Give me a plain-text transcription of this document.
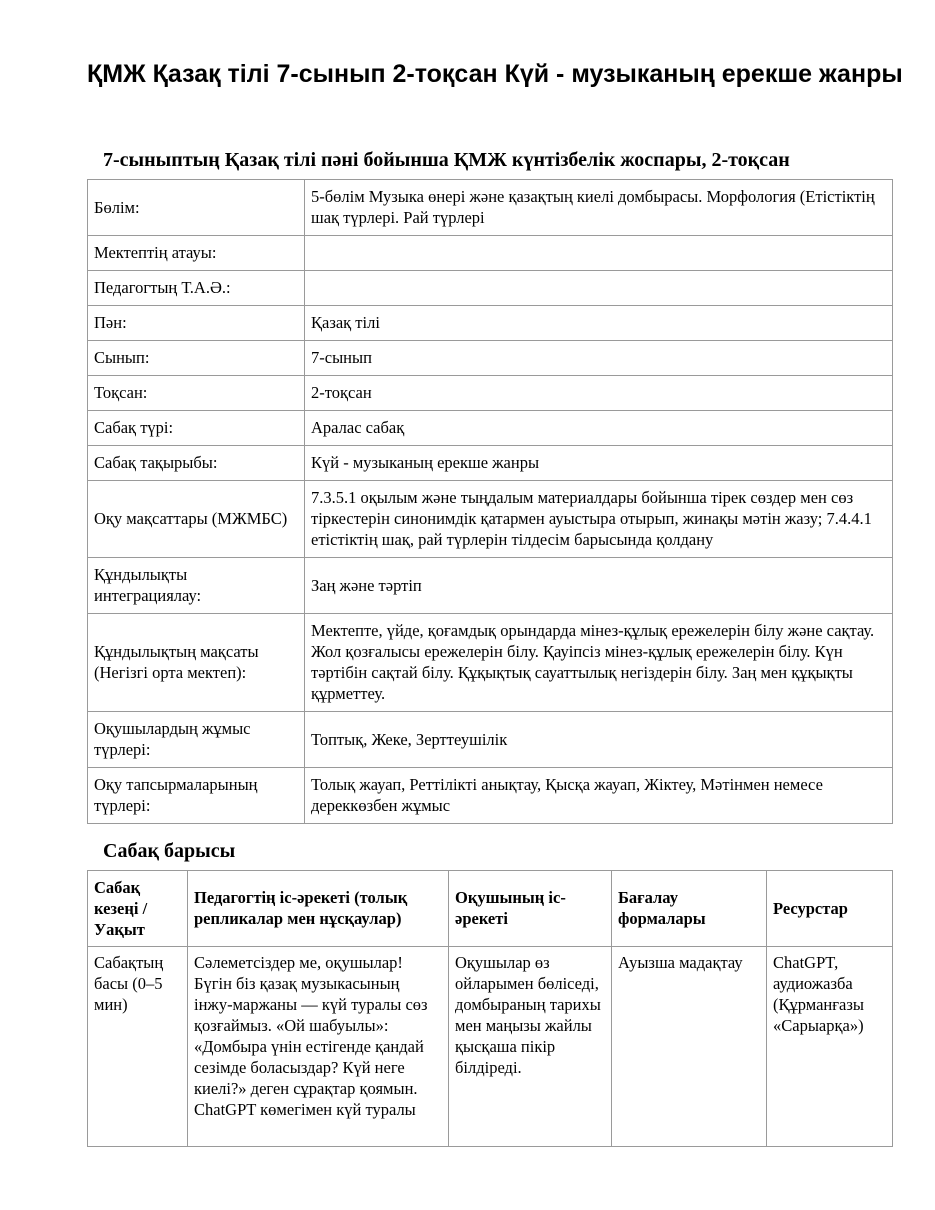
ҚМЖ Қазақ тілі 7-сынып 2-тоқсан Күй - музыканың ерекше жанры
7-сыныптың Қазақ тілі пәні бойынша ҚМЖ күнтізбелік жоспары, 2-тоқсан
Бөлім:	5-бөлім Музыка өнері және қазақтың киелі домбырасы. Морфология (Етістіктің шақ түрлері. Рай түрлері
Мектептің атауы:	
Педагогтың Т.А.Ә.:	
Пән:	Қазақ тілі
Сынып:	7-сынып
Тоқсан:	2-тоқсан
Сабақ түрі:	Аралас сабақ
Сабақ тақырыбы:	Күй - музыканың ерекше жанры
Оқу мақсаттары (МЖМБС)	7.3.5.1 оқылым және тыңдалым материалдары бойынша тірек сөздер мен сөз тіркестерін синонимдік қатармен ауыстыра отырып, жинақы мәтін жазу; 7.4.4.1 етістіктің шақ, рай түрлерін тілдесім барысында қолдану
Құндылықты интеграциялау:	Заң және тәртіп
Құндылықтың мақсаты (Негізгі орта мектеп):	Мектепте, үйде, қоғамдық орындарда мінез-құлық ережелерін білу және сақтау. Жол қозғалысы ережелерін білу. Қауіпсіз мінез-құлық ережелерін білу. Күн тәртібін сақтай білу. Құқықтық сауаттылық негіздерін білу. Заң мен құқықты құрметтеу.
Оқушылардың жұмыс түрлері:	Топтық, Жеке, Зерттеушілік
Оқу тапсырмаларының түрлері:	Толық жауап, Реттілікті анықтау, Қысқа жауап, Жіктеу, Мәтінмен немесе дереккөзбен жұмыс
Сабақ барысы
Сабақ кезеңі / Уақыт	Педагогтің іс-әрекеті (толық репликалар мен нұсқаулар)	Оқушының іс-әрекеті	Бағалау формалары	Ресурстар
Сабақтың басы (0–5 мин)	Сәлеметсіздер ме, оқушылар! Бүгін біз қазақ музыкасының інжу-маржаны — күй туралы сөз қозғаймыз. «Ой шабуылы»: «Домбыра үнін естігенде қандай сезімде боласыздар? Күй неге киелі?» деген сұрақтар қоямын. ChatGPT көмегімен күй туралы	Оқушылар өз ойларымен бөліседі, домбыраның тарихы мен маңызы жайлы қысқаша пікір білдіреді.	Ауызша мадақтау	ChatGPT, аудиожазба (Құрманғазы «Сарыарқа»)
